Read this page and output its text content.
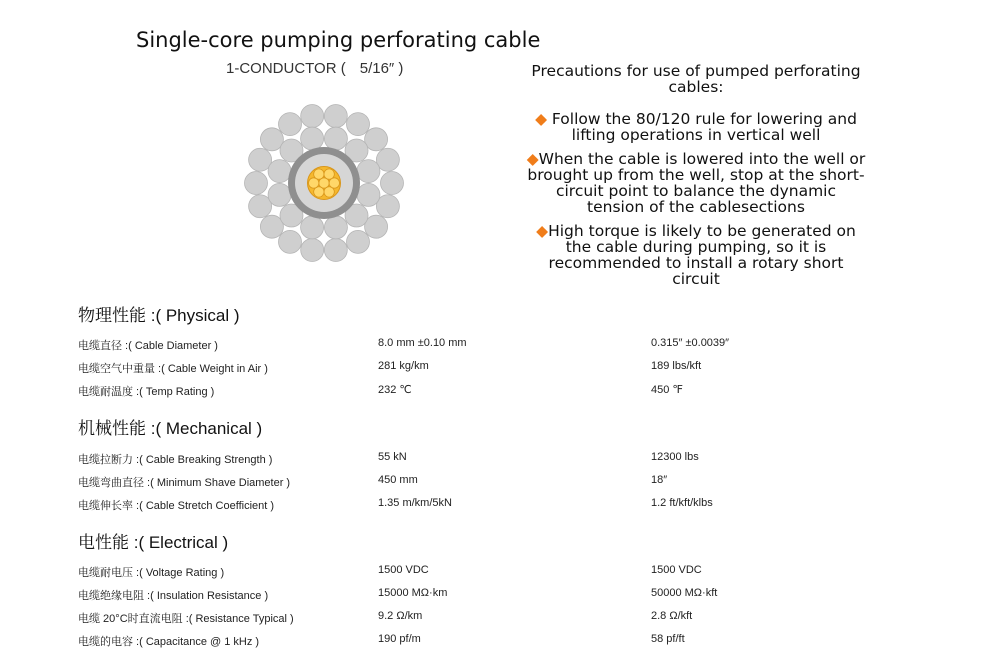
Single-core pumping perforating cable
1-CONDUCTOR ( 5/16″ )	Precautions for use of pumped perforating cables:
◆ Follow the 80/120 rule for lowering and lifting operations in vertical well
◆When the cable is lowered into the well or brought up from the well, stop at the short-circuit point to balance the dynamic tension of the cablesections
◆High torque is likely to be generated on the cable during pumping, so it is recommended to install a rotary short circuit
物理性能 :( Physical )
电缆直径 :( Cable Diameter )	8.0 mm ±0.10 mm	0.315″ ±0.0039″
电缆空气中重量 :( Cable Weight in Air )	281 kg/km	189 lbs/kft
电缆耐温度 :( Temp Rating )	232 ℃	450 ℉
机械性能 :( Mechanical )
电缆拉断力 :( Cable Breaking Strength )	55 kN	12300 lbs
电缆弯曲直径 :( Minimum Shave Diameter )	450 mm	18″
电缆伸长率 :( Cable Stretch Coefficient )	1.35 m/km/5kN	1.2 ft/kft/klbs
电性能 :( Electrical )
电缆耐电压 :( Voltage Rating )	1500 VDC	1500 VDC
电缆绝缘电阻 :( Insulation Resistance )	15000 MΩ·km	50000 MΩ·kft
电缆 20°C时直流电阻 :( Resistance Typical )	9.2 Ω/km	2.8 Ω/kft
电缆的电容 :( Capacitance @ 1 kHz )	190 pf/m	58 pf/ft
